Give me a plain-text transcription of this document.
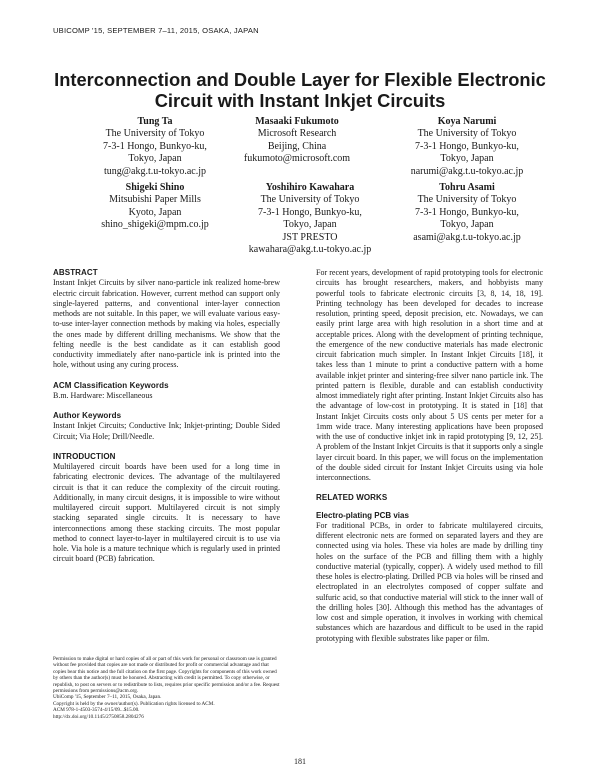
UBICOMP '15, SEPTEMBER 7–11, 2015, OSAKA, JAPAN
Interconnection and Double Layer for Flexible Electronic
Circuit with Instant Inkjet Circuits
Tung Ta
The University of Tokyo
7-3-1 Hongo, Bunkyo-ku,
Tokyo, Japan
tung@akg.t.u-tokyo.ac.jp
Masaaki Fukumoto
Microsoft Research
Beijing, China
fukumoto@microsoft.com
Koya Narumi
The University of Tokyo
7-3-1 Hongo, Bunkyo-ku,
Tokyo, Japan
narumi@akg.t.u-tokyo.ac.jp
Shigeki Shino
Mitsubishi Paper Mills
Kyoto, Japan
shino_shigeki@mpm.co.jp
Yoshihiro Kawahara
The University of Tokyo
7-3-1 Hongo, Bunkyo-ku,
Tokyo, Japan
JST PRESTO
kawahara@akg.t.u-tokyo.ac.jp
Tohru Asami
The University of Tokyo
7-3-1 Hongo, Bunkyo-ku,
Tokyo, Japan
asami@akg.t.u-tokyo.ac.jp
ABSTRACT

Instant Inkjet Circuits by silver nano-particle ink realized home-brew electric circuit fabrication. However, current method can support only single-layered patterns, and conventional inter-layer connection methods are not suitable. In this paper, we will evaluate various easy-to-use inter-layer connection methods by making via holes, especially the ones made by different drilling mechanisms. We show that the felting needle is the best candidate as it can establish good conductivity immediately after nano-particle ink is printed into the hole, without using any curing process.

ACM Classification Keywords

B.m. Hardware: Miscellaneous

Author Keywords

Instant Inkjet Circuits; Conductive Ink; Inkjet-printing; Double Sided Circuit; Via Hole; Drill/Needle.

INTRODUCTION

Multilayered circuit boards have been used for a long time in fabricating electronic devices. The advantage of the multilayered circuit is that it can reduce the complexity of the circuit routing. Additionally, in many circuit designs, it is impossible to wire without multilayered circuit support. Multilayered circuit is not simply stacking separated single circuits. It is necessary to have interconnections among these stacking circuits. The most popular method to connect layer-to-layer in multilayered circuit is to use via hole. Via hole is a mature technique which is regularly used in printed circuit board (PCB) fabrication.

Permission to make digital or hard copies of all or part of this work for personal or classroom use is granted without fee provided that copies are not made or distributed for profit or commercial advantage and that copies bear this notice and the full citation on the first page. Copyrights for components of this work owned by others than the author(s) must be honored. Abstracting with credit is permitted. To copy otherwise, or republish, to post on servers or to redistribute to lists, requires prior specific permission and/or a fee. Request permissions from permissions@acm.org.

UbiComp '15, September 7–11, 2015, Osaka, Japan.

Copyright is held by the owner/author(s). Publication rights licensed to ACM.

ACM 978-1-4503-3574-4/15/09...$15.00.

http://dx.doi.org/10.1145/2750858.2804276

For recent years, development of rapid prototyping tools for electronic circuits has brought researchers, makers, and hobbyists many powerful tools to fabricate electronic circuits [3, 8, 14, 18, 19]. Printing technology has been developed for decades to increase resolution, printing speed, deposit precision, etc. Nowadays, we can easily print large area with high resolution in a short time and at acceptable prices. Along with the development of printing technique, the emergence of the new conductive materials has made electronic circuit fabrication much simpler. In Instant Inkjet Circuits [18], it takes less than 1 minute to print a conductive pattern with a home available inkjet printer and sintering-free silver nano particle ink. The printed pattern is flexible, durable and can establish conductivity almost immediately right after printing. Instant Inkjet Circuits also has the advantage of low-cost in prototyping. It is stated in [18] that Instant Inkjet Circuits costs only about 5 US cents per meter for a 1mm wide trace. Many interesting applications have been proposed with the use of conductive inkjet ink in rapid prototyping [9, 12, 25]. A problem of the Instant Inkjet Circuits is that it supports only a single layer circuit board. In this paper, we will focus on the implementation of the double sided circuit for Instant Inkjet Circuits using via hole interconnections.

RELATED WORKS
Electro-plating PCB vias

For traditional PCBs, in order to fabricate multilayered circuits, different electronic nets are formed on separated layers and they are connected using via holes. These via holes are made by drilling tiny holes on the surface of the PCB and filling them with a highly conductive material (typically, copper). A widely used method to fill these holes is electro-plating. Drilled PCB via holes will be rinsed and electroplated in an electrolytes composed of copper sulfate and sulfuric acid, so that conductive material will stick to the inner wall of the drilling holes [30]. Although this method has the advantages of low cost and simple operation, it involves in working with chemical substances which are hazardous and difficult to be used in the rapid prototyping with flexible substrates like paper or film.

181
